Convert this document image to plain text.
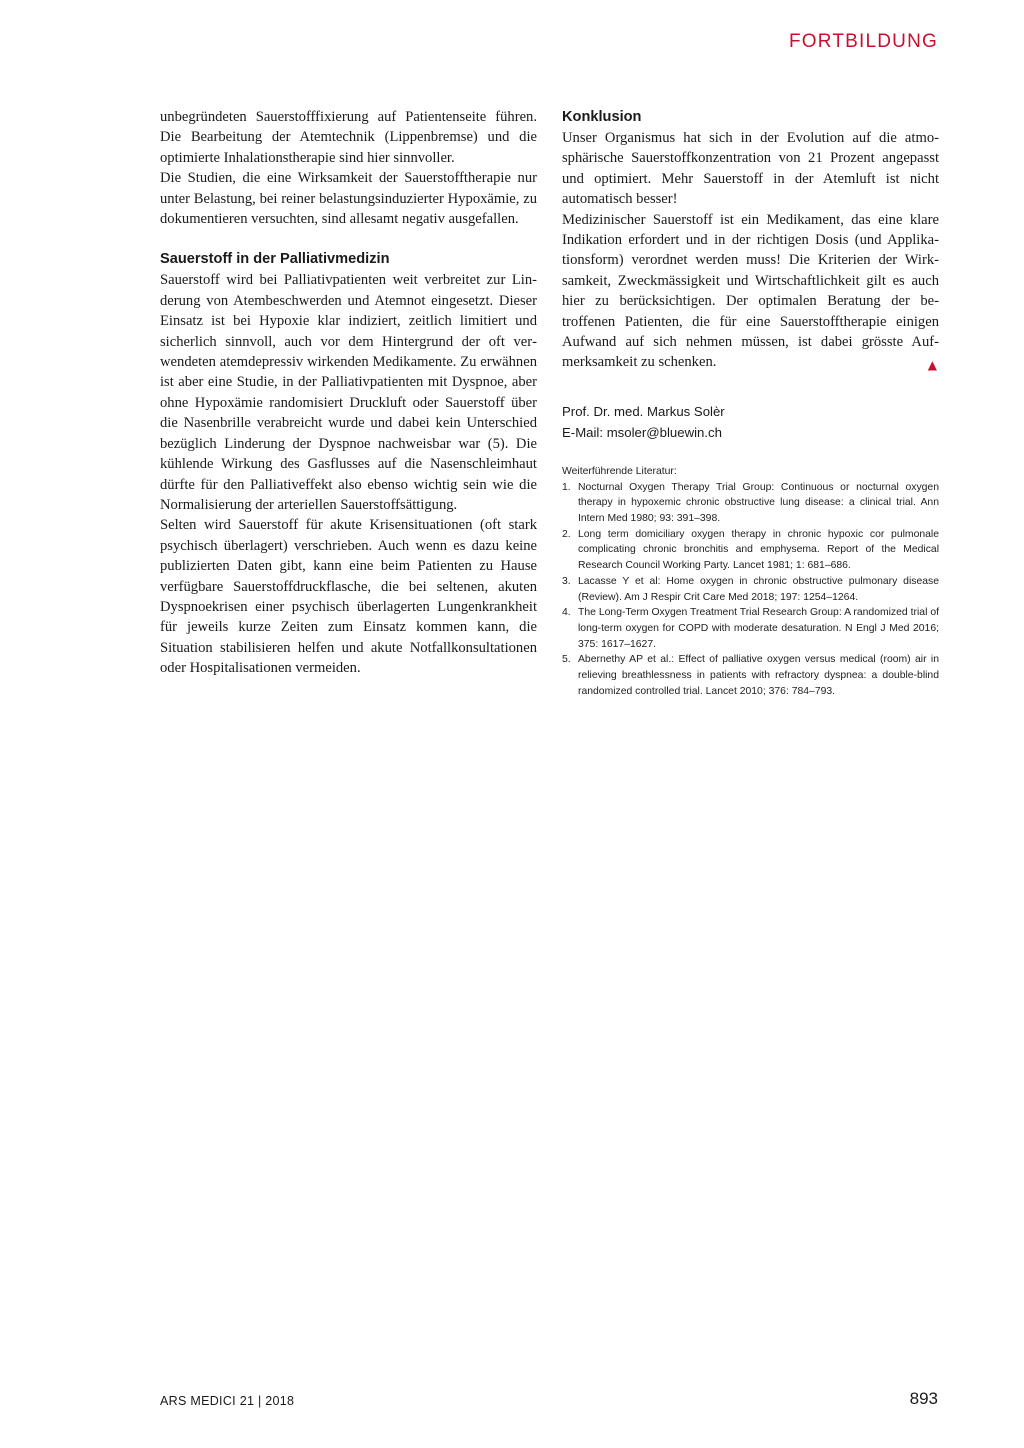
FORTBILDUNG

unbegründeten Sauerstofffixierung auf Patientenseite führen. Die Bearbeitung der Atemtechnik (Lippenbremse) und die optimierte Inhalationstherapie sind hier sinnvoller.

Die Studien, die eine Wirksamkeit der Sauerstofftherapie nur unter Belastung, bei reiner belastungsinduzierter Hypoxämie, zu dokumentieren versuchten, sind allesamt negativ ausgefallen.

Sauerstoff in der Palliativmedizin

Sauerstoff wird bei Palliativpatienten weit verbreitet zur Linderung von Atembeschwerden und Atemnot eingesetzt. Dieser Einsatz ist bei Hypoxie klar indiziert, zeitlich limitiert und sicherlich sinnvoll, auch vor dem Hintergrund der oft verwendeten atemdepressiv wirkenden Medikamente. Zu erwähnen ist aber eine Studie, in der Palliativpatienten mit Dyspnoe, aber ohne Hypoxämie randomisiert Druckluft oder Sauerstoff über die Nasenbrille verabreicht wurde und dabei kein Unterschied bezüglich Linderung der Dyspnoe nachweisbar war (5). Die kühlende Wirkung des Gasflusses auf die Nasenschleimhaut dürfte für den Palliativeffekt also ebenso wichtig sein wie die Normalisierung der arteriellen Sauerstoffsättigung.

Selten wird Sauerstoff für akute Krisensituationen (oft stark psychisch überlagert) verschrieben. Auch wenn es dazu keine publizierten Daten gibt, kann eine beim Patienten zu Hause verfügbare Sauerstoffdruckflasche, die bei seltenen, akuten Dyspnoekrisen einer psychisch überlagerten Lungenkrankheit für jeweils kurze Zeiten zum Einsatz kommen kann, die Situation stabilisieren helfen und akute Notfallkonsultationen oder Hospitalisationen vermeiden.

Konklusion

Unser Organismus hat sich in der Evolution auf die atmosphärische Sauerstoffkonzentration von 21 Prozent angepasst und optimiert. Mehr Sauerstoff in der Atemluft ist nicht automatisch besser!

Medizinischer Sauerstoff ist ein Medikament, das eine klare Indikation erfordert und in der richtigen Dosis (und Applikationsform) verordnet werden muss! Die Kriterien der Wirksamkeit, Zweckmässigkeit und Wirtschaftlichkeit gilt es auch hier zu berücksichtigen. Der optimalen Beratung der betroffenen Patienten, die für eine Sauerstofftherapie einigen Aufwand auf sich nehmen müssen, ist dabei grösste Aufmerksamkeit zu schenken.	▲
Prof. Dr. med. Markus Solèr
E-Mail: msoler@bluewin.ch

Weiterführende Literatur:

1. Nocturnal Oxygen Therapy Trial Group: Continuous or nocturnal oxygen therapy in hypoxemic chronic obstructive lung disease: a clinical trial. Ann Intern Med 1980; 93: 391–398.
2. Long term domiciliary oxygen therapy in chronic hypoxic cor pulmonale complicating chronic bronchitis and emphysema. Report of the Medical Research Council Working Party. Lancet 1981; 1: 681–686.
3. Lacasse Y et al: Home oxygen in chronic obstructive pulmonary disease (Review). Am J Respir Crit Care Med 2018; 197: 1254–1264.
4. The Long-Term Oxygen Treatment Trial Research Group: A randomized trial of long-term oxygen for COPD with moderate desaturation. N Engl J Med 2016; 375: 1617–1627.
5. Abernethy AP et al.: Effect of palliative oxygen versus medical (room) air in relieving breathlessness in patients with refractory dyspnea: a double-blind randomized controlled trial. Lancet 2010; 376: 784–793.
ARS MEDICI 21 | 2018	893
